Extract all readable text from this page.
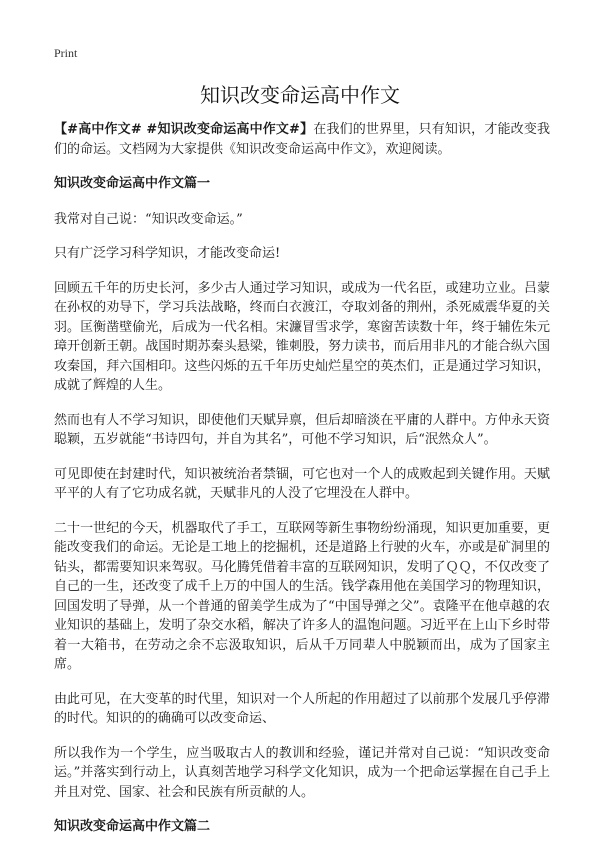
Print
知识改变命运高中作文

【#高中作文# #知识改变命运高中作文#】在我们的世界里，只有知识，才能改变我们的命运。文档网为大家提供《知识改变命运高中作文》，欢迎阅读。

知识改变命运高中作文篇一

我常对自己说：“知识改变命运。”

只有广泛学习科学知识，才能改变命运!

回顾五千年的历史长河，多少古人通过学习知识，或成为一代名臣，或建功立业。吕蒙在孙权的劝导下，学习兵法战略，终而白衣渡江，夺取刘备的荆州，杀死威震华夏的关羽。匡衡凿壁偷光，后成为一代名相。宋濂冒雪求学，寒窗苦读数十年，终于辅佐朱元璋开创新王朝。战国时期苏秦头悬梁，锥刺股，努力读书，而后用非凡的才能合纵六国攻秦国，拜六国相印。这些闪烁的五千年历史灿烂星空的英杰们，正是通过学习知识，成就了辉煌的人生。

然而也有人不学习知识，即使他们天赋异禀，但后却暗淡在平庸的人群中。方仲永天资聪颖，五岁就能“书诗四句，并自为其名”，可他不学习知识，后“泯然众人”。

可见即使在封建时代，知识被统治者禁锢，可它也对一个人的成败起到关键作用。天赋平平的人有了它功成名就，天赋非凡的人没了它埋没在人群中。

二十一世纪的今天，机器取代了手工，互联网等新生事物纷纷涌现，知识更加重要，更能改变我们的命运。无论是工地上的挖掘机，还是道路上行驶的火车，亦或是矿洞里的钻头，都需要知识来驾驭。马化腾凭借着丰富的互联网知识，发明了ＱＱ，不仅改变了自己的一生，还改变了成千上万的中国人的生活。钱学森用他在美国学习的物理知识，回国发明了导弹，从一个普通的留美学生成为了“中国导弹之父”。袁隆平在他卓越的农业知识的基础上，发明了杂交水稻，解决了许多人的温饱问题。习近平在上山下乡时带着一大箱书，在劳动之余不忘汲取知识，后从千万同辈人中脱颖而出，成为了国家主席。

由此可见，在大变革的时代里，知识对一个人所起的作用超过了以前那个发展几乎停滞的时代。知识的的确确可以改变命运、

所以我作为一个学生，应当吸取古人的教训和经验，谨记并常对自己说：“知识改变命运。”并落实到行动上，认真刻苦地学习科学文化知识，成为一个把命运掌握在自己手上并且对党、国家、社会和民族有所贡献的人。

知识改变命运高中作文篇二
